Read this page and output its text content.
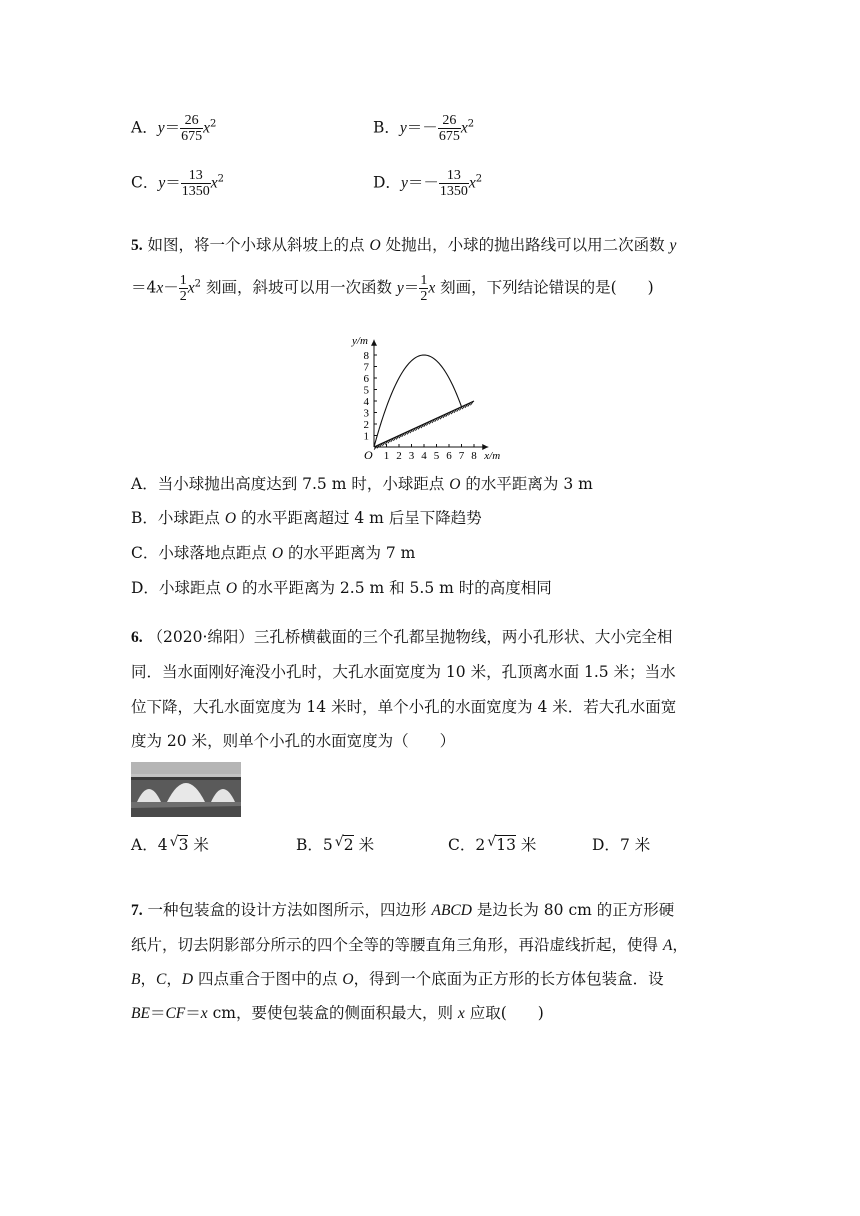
A．$y= \frac{26}{675} x^2$	B．$y=- \frac{26}{675} x^2$
C．$y= \frac{13}{1350} x^2$	D．$y=- \frac{13}{1350} x^2$
5. 如图，将一个小球从斜坡上的点 O 处抛出，小球的抛出路线可以用二次函数 y
$=4x- \frac{1}{2} x^2$ 刻画，斜坡可以用一次函数 $y= \frac{1}{2}$ x 刻画，下列结论错误的是(　　)
1 2 3 4 5 6 7 8
1
2
3
4
5
6
7
8
O
y/m
x/m
A．当小球抛出高度达到 7.5 m 时，小球距点 O 的水平距离为 3 m
B．小球距点 O 的水平距离超过 4 m 后呈下降趋势
C．小球落地点距点 O 的水平距离为 7 m
D．小球距点 O 的水平距离为 2.5 m 和 5.5 m 时的高度相同
6. （2020·绵阳）三孔桥横截面的三个孔都呈抛物线，两小孔形状、大小完全相
同．当水面刚好淹没小孔时，大孔水面宽度为 10 米，孔顶离水面 1.5 米；当水
位下降，大孔水面宽度为 14 米时，单个小孔的水面宽度为 4 米．若大孔水面宽
度为 20 米，则单个小孔的水面宽度为（　　）
A．4 √ 3 米	B．5 √ 2 米	C．2 √ 13 米	D．7 米
7. 一种包装盒的设计方法如图所示，四边形 ABCD 是边长为 80 cm 的正方形硬
纸片，切去阴影部分所示的四个全等的等腰直角三角形，再沿虚线折起，使得 A，
B，C，D 四点重合于图中的点 O，得到一个底面为正方形的长方体包装盒．设
BE＝CF＝x cm，要使包装盒的侧面积最大，则 x 应取(　　)
